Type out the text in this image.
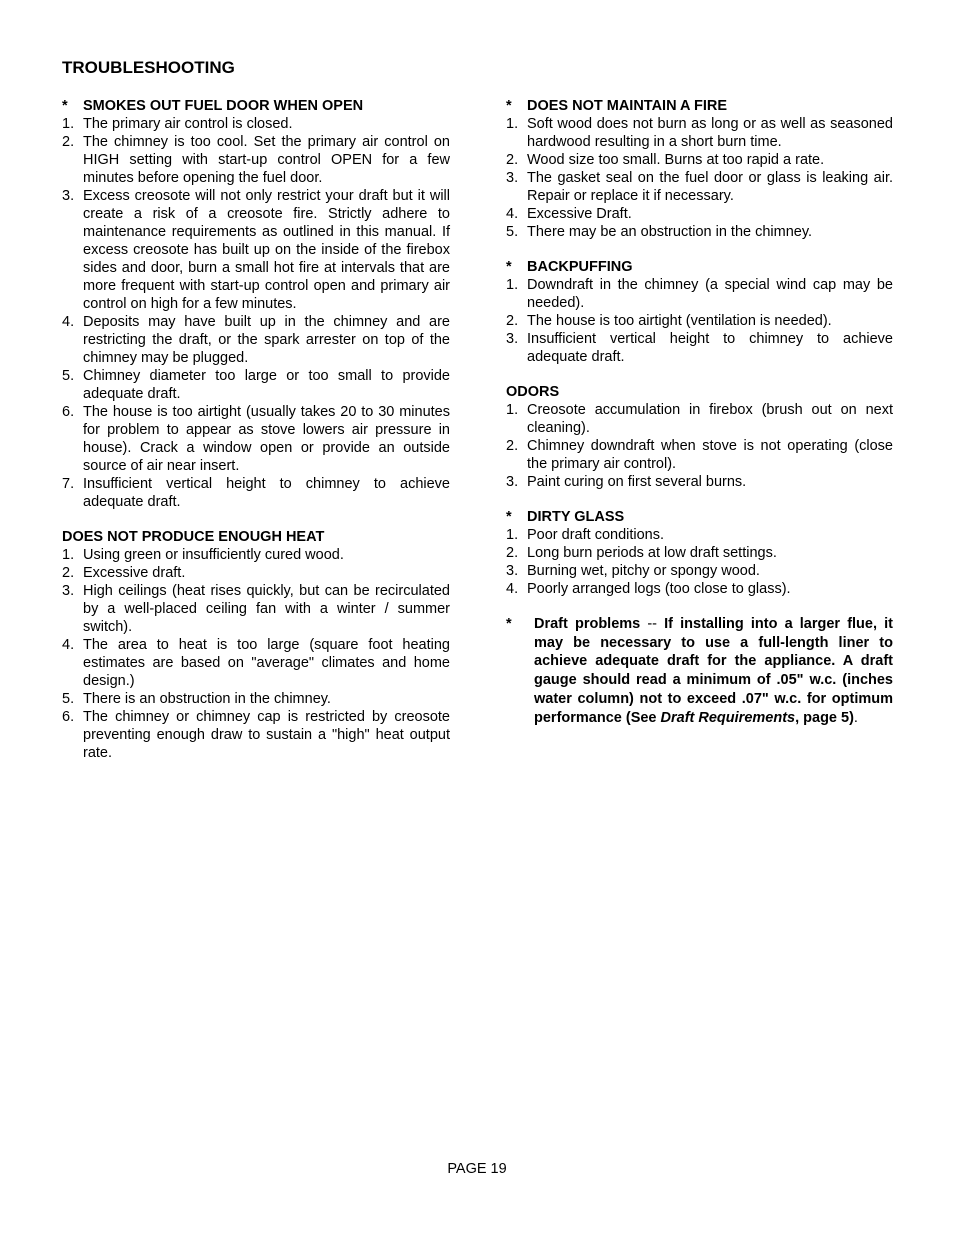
TROUBLESHOOTING
*	SMOKES OUT FUEL DOOR WHEN OPEN
1. The primary air control is closed.
2. The chimney is too cool. Set the primary air control on HIGH setting with start-up control OPEN for a few minutes before opening the fuel door.
3. Excess creosote will not only restrict your draft but it will create a risk of a creosote fire. Strictly adhere to maintenance requirements as outlined in this manual. If excess creosote has built up on the inside of the firebox sides and door, burn a small hot fire at intervals that are more frequent with start-up control open and primary air control on high for a few minutes.
4. Deposits may have built up in the chimney and are restricting the draft, or the spark arrester on top of the chimney may be plugged.
5. Chimney diameter too large or too small to provide adequate draft.
6. The house is too airtight (usually takes 20 to 30 minutes for problem to appear as stove lowers air pressure in house). Crack a window open or provide an outside source of air near insert.
7. Insufficient vertical height to chimney to achieve adequate draft.
DOES NOT PRODUCE ENOUGH HEAT
1. Using green or insufficiently cured wood.
2. Excessive draft.
3. High ceilings (heat rises quickly, but can be recirculated by a well-placed ceiling fan with a winter / summer switch).
4. The area to heat is too large (square foot heating estimates are based on "average" climates and home design.)
5. There is an obstruction in the chimney.
6. The chimney or chimney cap is restricted by creosote preventing enough draw to sustain a "high" heat output rate.
*	DOES NOT MAINTAIN A FIRE
1. Soft wood does not burn as long or as well as seasoned hardwood resulting in a short burn time.
2. Wood size too small. Burns at too rapid a rate.
3. The gasket seal on the fuel door or glass is leaking air. Repair or replace it if necessary.
4. Excessive Draft.
5. There may be an obstruction in the chimney.
*	BACKPUFFING
1. Downdraft in the chimney (a special wind cap may be needed).
2. The house is too airtight (ventilation is needed).
3. Insufficient vertical height to chimney to achieve adequate draft.
ODORS
1. Creosote accumulation in firebox (brush out on next cleaning).
2. Chimney downdraft when stove is not operating (close the primary air control).
3. Paint curing on first several burns.
*	DIRTY GLASS
1. Poor draft conditions.
2. Long burn periods at low draft settings.
3. Burning wet, pitchy or spongy wood.
4. Poorly arranged logs (too close to glass).
*	Draft problems -- If installing into a larger flue, it may be necessary to use a full-length liner to achieve adequate draft for the appliance. A draft gauge should read a minimum of .05" w.c. (inches water column) not to exceed .07" w.c. for optimum performance (See Draft Requirements, page 5).
PAGE 19
